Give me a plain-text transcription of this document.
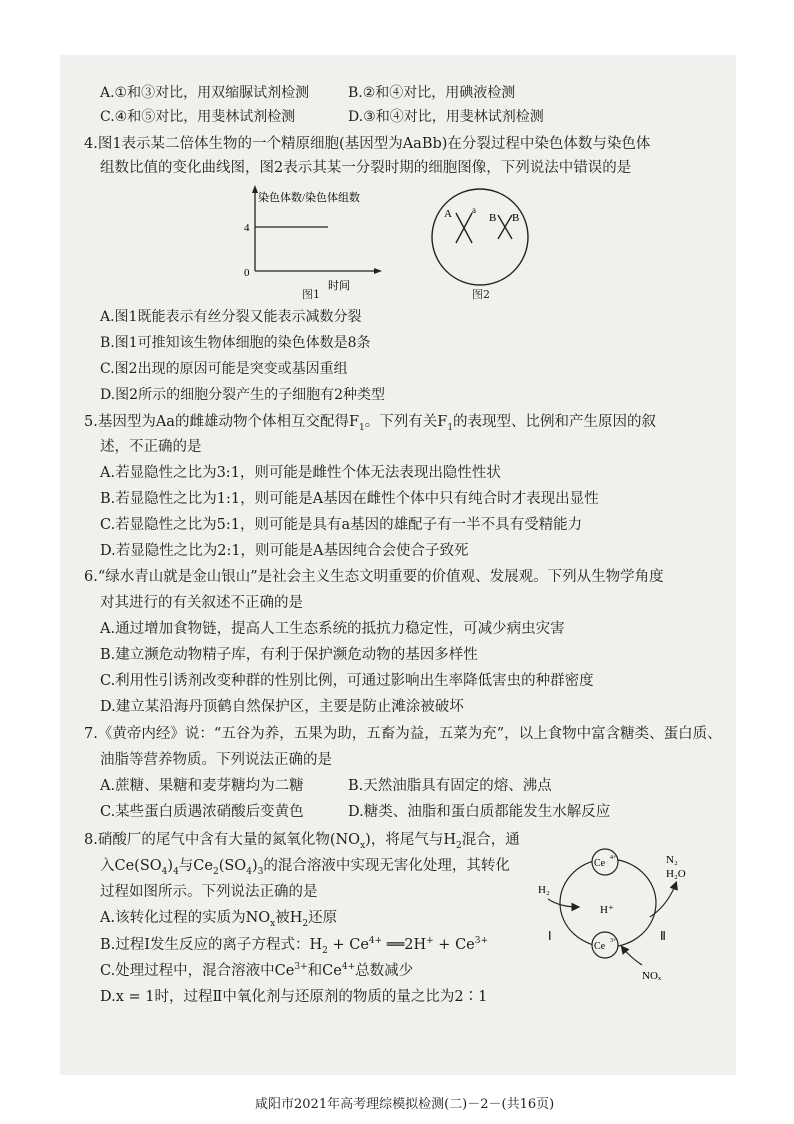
A.①和③对比，用双缩脲试剂检测	B.②和④对比，用碘液检测
C.④和⑤对比，用斐林试剂检测	D.③和④对比，用斐林试剂检测
4.图1表示某二倍体生物的一个精原细胞(基因型为AaBb)在分裂过程中染色体数与染色体
组数比值的变化曲线图，图2表示其某一分裂时期的细胞图像，下列说法中错误的是
染色体数/染色体组数
4
0
时间
图1
A a
B B
图2
A.图1既能表示有丝分裂又能表示减数分裂
B.图1可推知该生物体细胞的染色体数是8条
C.图2出现的原因可能是突变或基因重组
D.图2所示的细胞分裂产生的子细胞有2种类型
5.基因型为Aa的雌雄动物个体相互交配得$F_1$。下列有关$F_1$的表现型、比例和产生原因的叙
述，不正确的是
A.若显隐性之比为3:1，则可能是雌性个体无法表现出隐性性状
B.若显隐性之比为1:1，则可能是A基因在雌性个体中只有纯合时才表现出显性
C.若显隐性之比为5:1，则可能是具有a基因的雄配子有一半不具有受精能力
D.若显隐性之比为2:1，则可能是A基因纯合会使合子致死
6.“绿水青山就是金山银山”是社会主义生态文明重要的价值观、发展观。下列从生物学角度
对其进行的有关叙述不正确的是
A.通过增加食物链，提高人工生态系统的抵抗力稳定性，可减少病虫灾害
B.建立濒危动物精子库，有利于保护濒危动物的基因多样性
C.利用性引诱剂改变种群的性别比例，可通过影响出生率降低害虫的种群密度
D.建立某沿海丹顶鹤自然保护区，主要是防止滩涂被破坏
7.《黄帝内经》说：“五谷为养，五果为助，五畜为益，五菜为充”，以上食物中富含糖类、蛋白质、
油脂等营养物质。下列说法正确的是
A.蔗糖、果糖和麦芽糖均为二糖	B.天然油脂具有固定的熔、沸点
C.某些蛋白质遇浓硝酸后变黄色	D.糖类、油脂和蛋白质都能发生水解反应
8.硝酸厂的尾气中含有大量的氮氧化物$(NO_x)$，将尾气与$H_2$混合，通
入$Ce(SO_4)_4$与$Ce_2(SO_4)_3$的混合溶液中实现无害化处理，其转化
过程如图所示。下列说法正确的是
A.该转化过程的实质为$NO_x$被$H_2$还原
B.过程Ⅰ发生反应的离子方程式：$H_2 + Ce^{4+}$ ══2H+ + $Ce^{3+}$
C.处理过程中，混合溶液中$Ce^{3+}$和$Ce^{4+}$总数减少
D.x = 1时，过程Ⅱ中氧化剂与还原剂的物质的量之比为2∶1
Ce 4+
Ce 3+
H₂
H⁺
Ⅰ	Ⅱ
N₂
H₂O
NOₓ
咸阳市2021年高考理综模拟检测(二)－2－(共16页)
